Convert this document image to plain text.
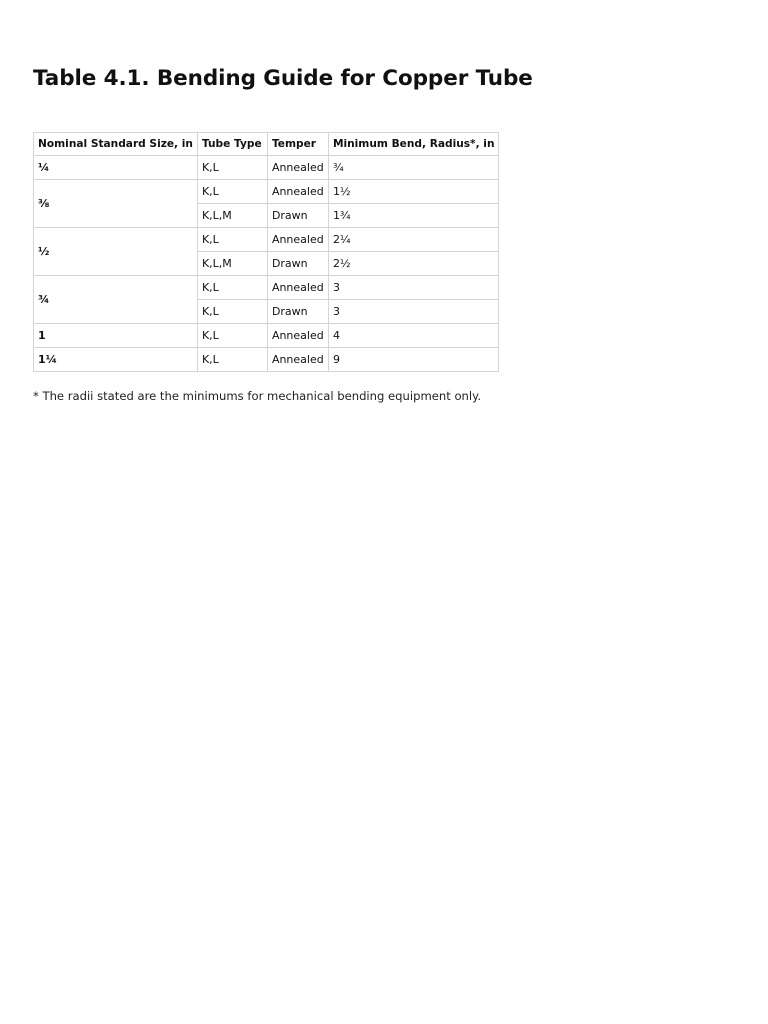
Table 4.1. Bending Guide for Copper Tube
Nominal Standard Size, in	Tube Type	Temper	Minimum Bend, Radius*, in
¼	K,L	Annealed	¾
⅜	K,L	Annealed	1½
	K,L,M	Drawn	1¾
½	K,L	Annealed	2¼
	K,L,M	Drawn	2½
¾	K,L	Annealed	3
	K,L	Drawn	3
1	K,L	Annealed	4
1¼	K,L	Annealed	9

* The radii stated are the minimums for mechanical bending equipment only.
